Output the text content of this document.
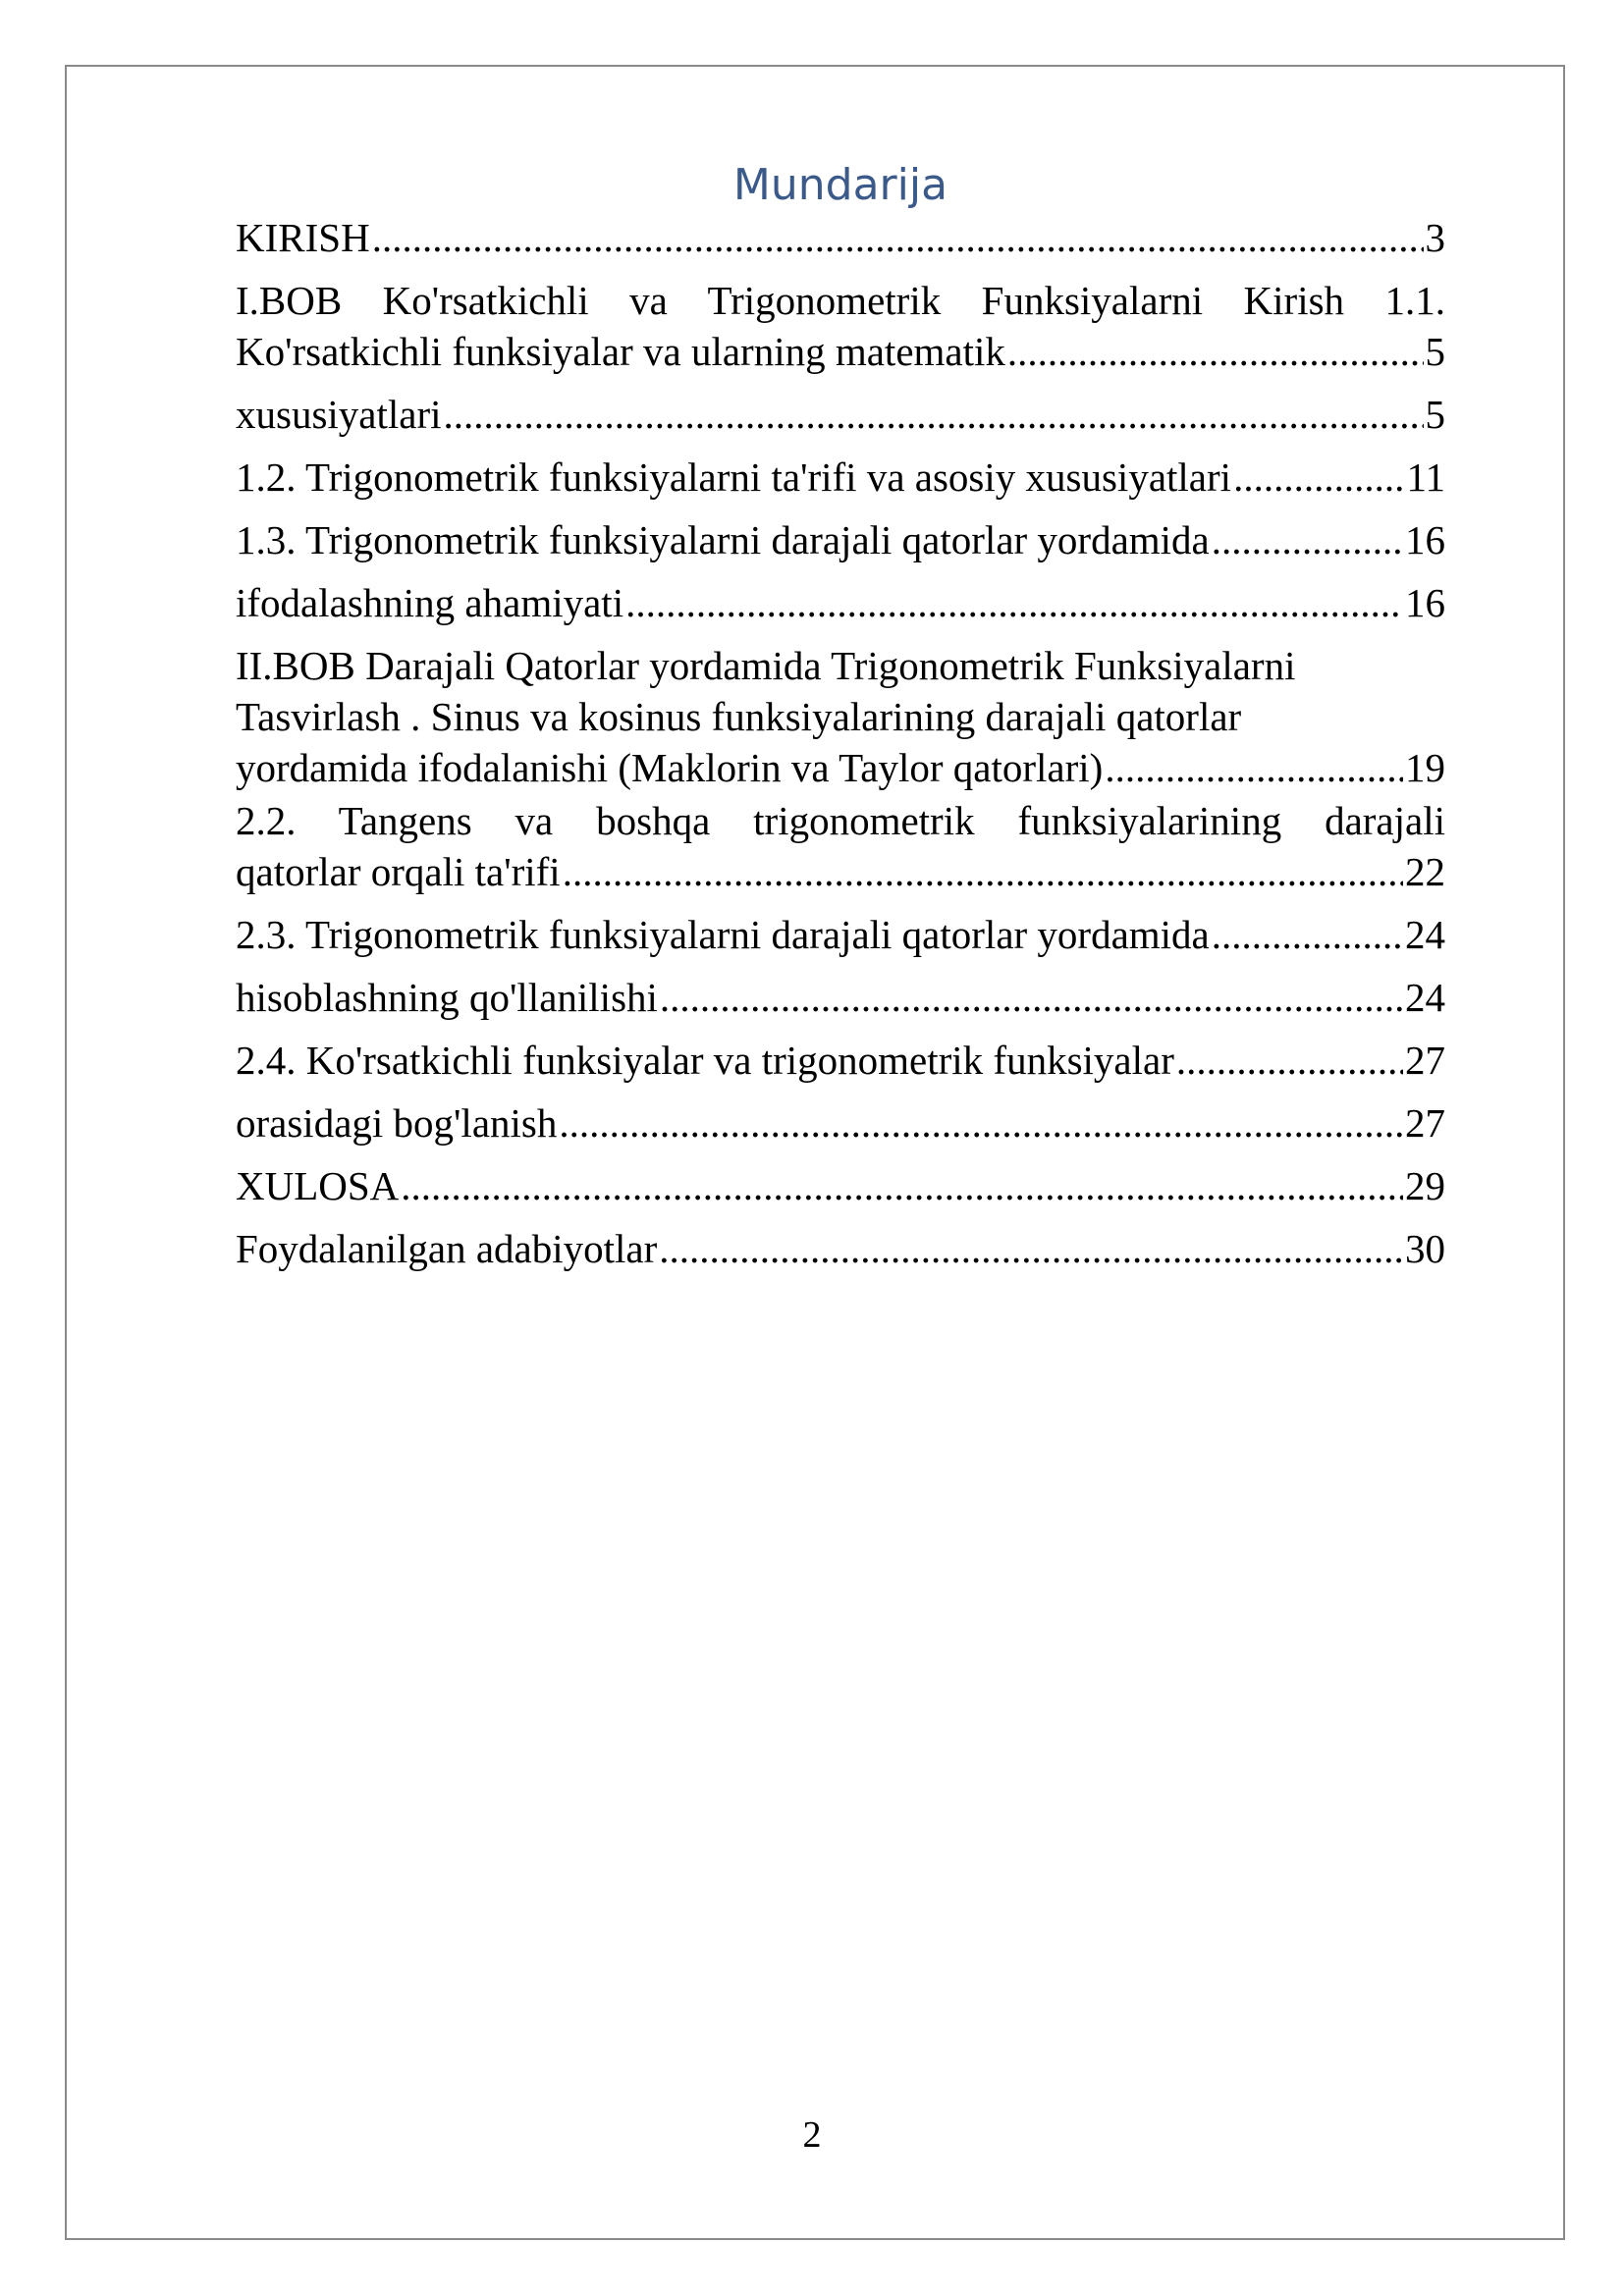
Mundarija
KIRISH .....	3
I.BOB Ko'rsatkichli va Trigonometrik Funksiyalarni Kirish 1.1.
Ko'rsatkichli funksiyalar va ularning matematik .....	5
xususiyatlari .....	5
1.2. Trigonometrik funksiyalarni ta'rifi va asosiy xususiyatlari .....	11
1.3. Trigonometrik funksiyalarni darajali qatorlar yordamida .....	16
ifodalashning ahamiyati .....	16
II.BOB Darajali Qatorlar yordamida Trigonometrik Funksiyalarni
Tasvirlash . Sinus va kosinus funksiyalarining darajali qatorlar
yordamida ifodalanishi (Maklorin va Taylor qatorlari) .....	19
2.2. Tangens va boshqa trigonometrik funksiyalarining darajali
qatorlar orqali ta'rifi .....	22
2.3. Trigonometrik funksiyalarni darajali qatorlar yordamida .....	24
hisoblashning qo'llanilishi .....	24
2.4. Ko'rsatkichli funksiyalar va trigonometrik funksiyalar .....	27
orasidagi bog'lanish .....	27
XULOSA .....	29
Foydalanilgan adabiyotlar .....	30
2
